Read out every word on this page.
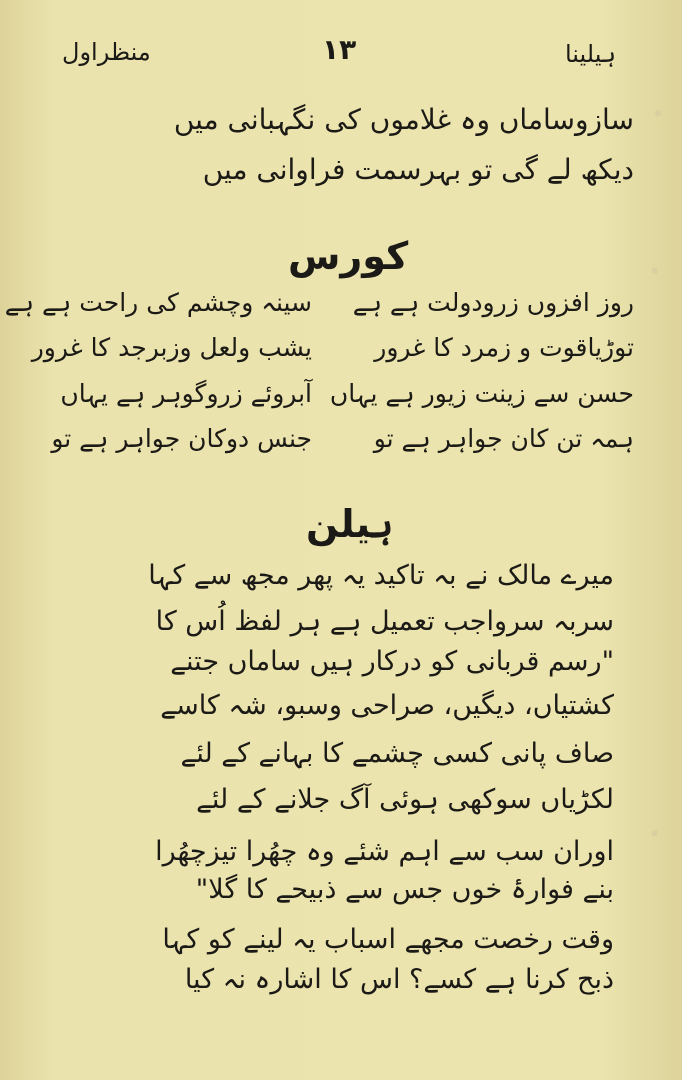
منظراول	۱۳	ہیلینا
سازوساماں وہ غلاموں کی نگہبانی میں
دیکھ لے گی تو بہرسمت فراوانی میں
کورس
روز افزوں زرودولت ہے ہے
توڑیاقوت و زمرد کا غرور
حسن سے زینت زیور ہے یہاں
ہمہ تن کان جواہر ہے تو
سینہ وچشم کی راحت ہے ہے
یشب ولعل وزبرجد کا غرور
آبروئے زروگوہر ہے یہاں
جنس دوکان جواہر ہے تو
ہیلن
میرے مالک نے بہ تاکید یہ پھر مجھ سے کہا
سربہ سرواجب تعمیل ہے ہر لفظ اُس کا
"رسم قربانی کو درکار ہیں ساماں جتنے
کشتیاں، دیگیں، صراحی وسبو، شہ کاسے
صاف پانی کسی چشمے کا بہانے کے لئے
لکڑیاں سوکھی ہوئی آگ جلانے کے لئے
اوران سب سے اہم شئے وہ چھُرا تیزچھُرا
بنے فوارۂ خوں جس سے ذبیحے کا گلا"
وقت رخصت مجھے اسباب یہ لینے کو کہا
ذبح کرنا ہے کسے؟ اس کا اشارہ نہ کیا
